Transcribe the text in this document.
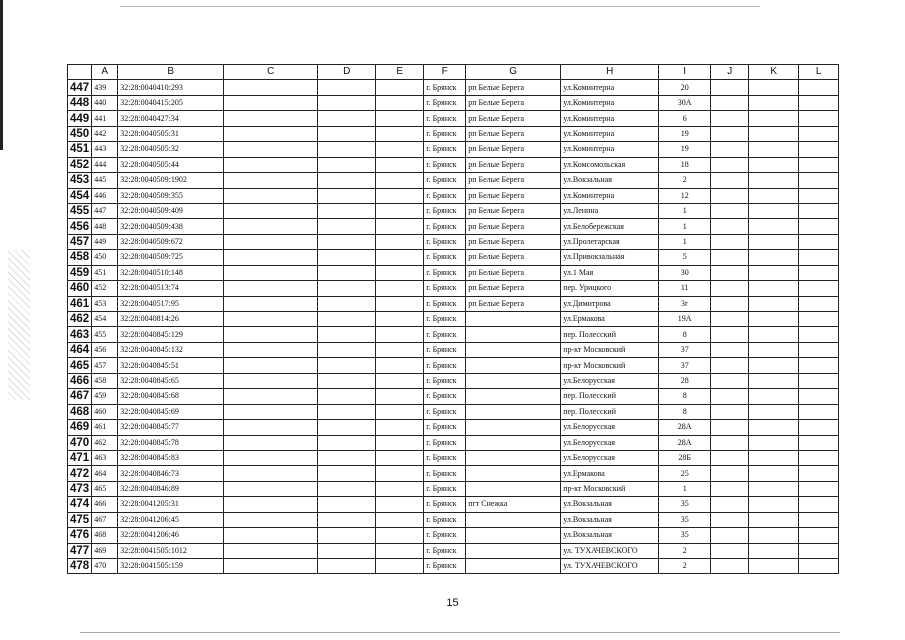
	A	B	C	D	E	F	G	H	I	J	K	L
447	439	32:28:0040410:293				г. Брянск	рп Белые Берега	ул.Коминтерна	20			
448	440	32:28:0040415:205				г. Брянск	рп Белые Берега	ул.Коминтерна	30А			
449	441	32:28:0040427:34				г. Брянск	рп Белые Берега	ул.Коминтерна	6			
450	442	32:28:0040505:31				г. Брянск	рп Белые Берега	ул.Коминтерна	19			
451	443	32:28:0040505:32				г. Брянск	рп Белые Берега	ул.Коминтерна	19			
452	444	32:28:0040505:44				г. Брянск	рп Белые Берега	ул.Комсомольская	18			
453	445	32:28:0040509:1902				г. Брянск	рп Белые Берега	ул.Вокзальная	2			
454	446	32:28:0040509:355				г. Брянск	рп Белые Берега	ул.Коминтерна	12			
455	447	32:28:0040509:409				г. Брянск	рп Белые Берега	ул.Ленина	1			
456	448	32:28:0040509:438				г. Брянск	рп Белые Берега	ул.Белобережская	1			
457	449	32:28:0040509:672				г. Брянск	рп Белые Берега	ул.Пролетарская	1			
458	450	32:28:0040509:725				г. Брянск	рп Белые Берега	ул.Привокзальная	5			
459	451	32:28:0040510:148				г. Брянск	рп Белые Берега	ул.1 Мая	30			
460	452	32:28:0040513:74				г. Брянск	рп Белые Берега	пер. Урицкого	11			
461	453	32:28:0040517:95				г. Брянск	рп Белые Берега	ул.Димитрова	3г			
462	454	32:28:0040814:26				г. Брянск		ул.Ермакова	19А			
463	455	32:28:0040845:129				г. Брянск		пер. Полесский	8			
464	456	32:28:0040845:132				г. Брянск		пр-кт Московский	37			
465	457	32:28:0040845:51				г. Брянск		пр-кт Московский	37			
466	458	32:28:0040845:65				г. Брянск		ул.Белорусская	28			
467	459	32:28:0040845:68				г. Брянск		пер. Полесский	8			
468	460	32:28:0040845:69				г. Брянск		пер. Полесский	8			
469	461	32:28:0040845:77				г. Брянск		ул.Белорусская	28А			
470	462	32:28:0040845:78				г. Брянск		ул.Белорусская	28А			
471	463	32:28:0040845:83				г. Брянск		ул.Белорусская	28Б			
472	464	32:28:0040846:73				г. Брянск		ул.Ермакова	25			
473	465	32:28:0040846:89				г. Брянск		пр-кт Московский	1			
474	466	32:28:0041205:31				г. Брянск	пгт Снежка	ул.Вокзальная	35			
475	467	32:28:0041206:45				г. Брянск		ул.Вокзальная	35			
476	468	32:28:0041206:46				г. Брянск		ул.Вокзальная	35			
477	469	32:28:0041505:1012				г. Брянск		ул. ТУХАЧЕВСКОГО	2			
478	470	32:28:0041505:159				г. Брянск		ул. ТУХАЧЕВСКОГО	2			
15
